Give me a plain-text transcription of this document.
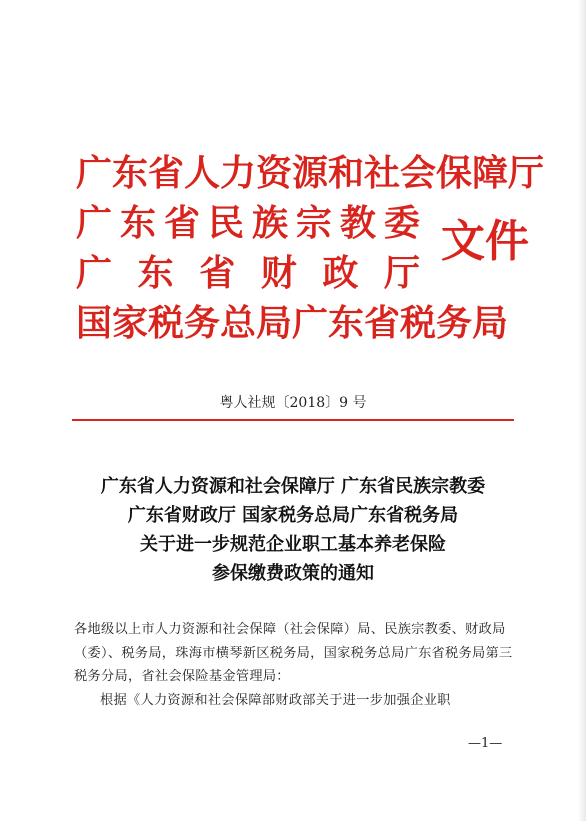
广东省人力资源和社会保障厅
广 东 省 民 族 宗 教 委
广 东 省 财 政 厅
国家税务总局广东省税务局
文件
粤人社规〔2018〕9 号
广东省人力资源和社会保障厅 广东省民族宗教委
广东省财政厅 国家税务总局广东省税务局
关于进一步规范企业职工基本养老保险
参保缴费政策的通知

各地级以上市人力资源和社会保障（社会保障）局、民族宗教委、财政局（委）、税务局，珠海市横琴新区税务局，国家税务总局广东省税务局第三税务分局，省社会保险基金管理局：

根据《人力资源和社会保障部财政部关于进一步加强企业职

—1—
